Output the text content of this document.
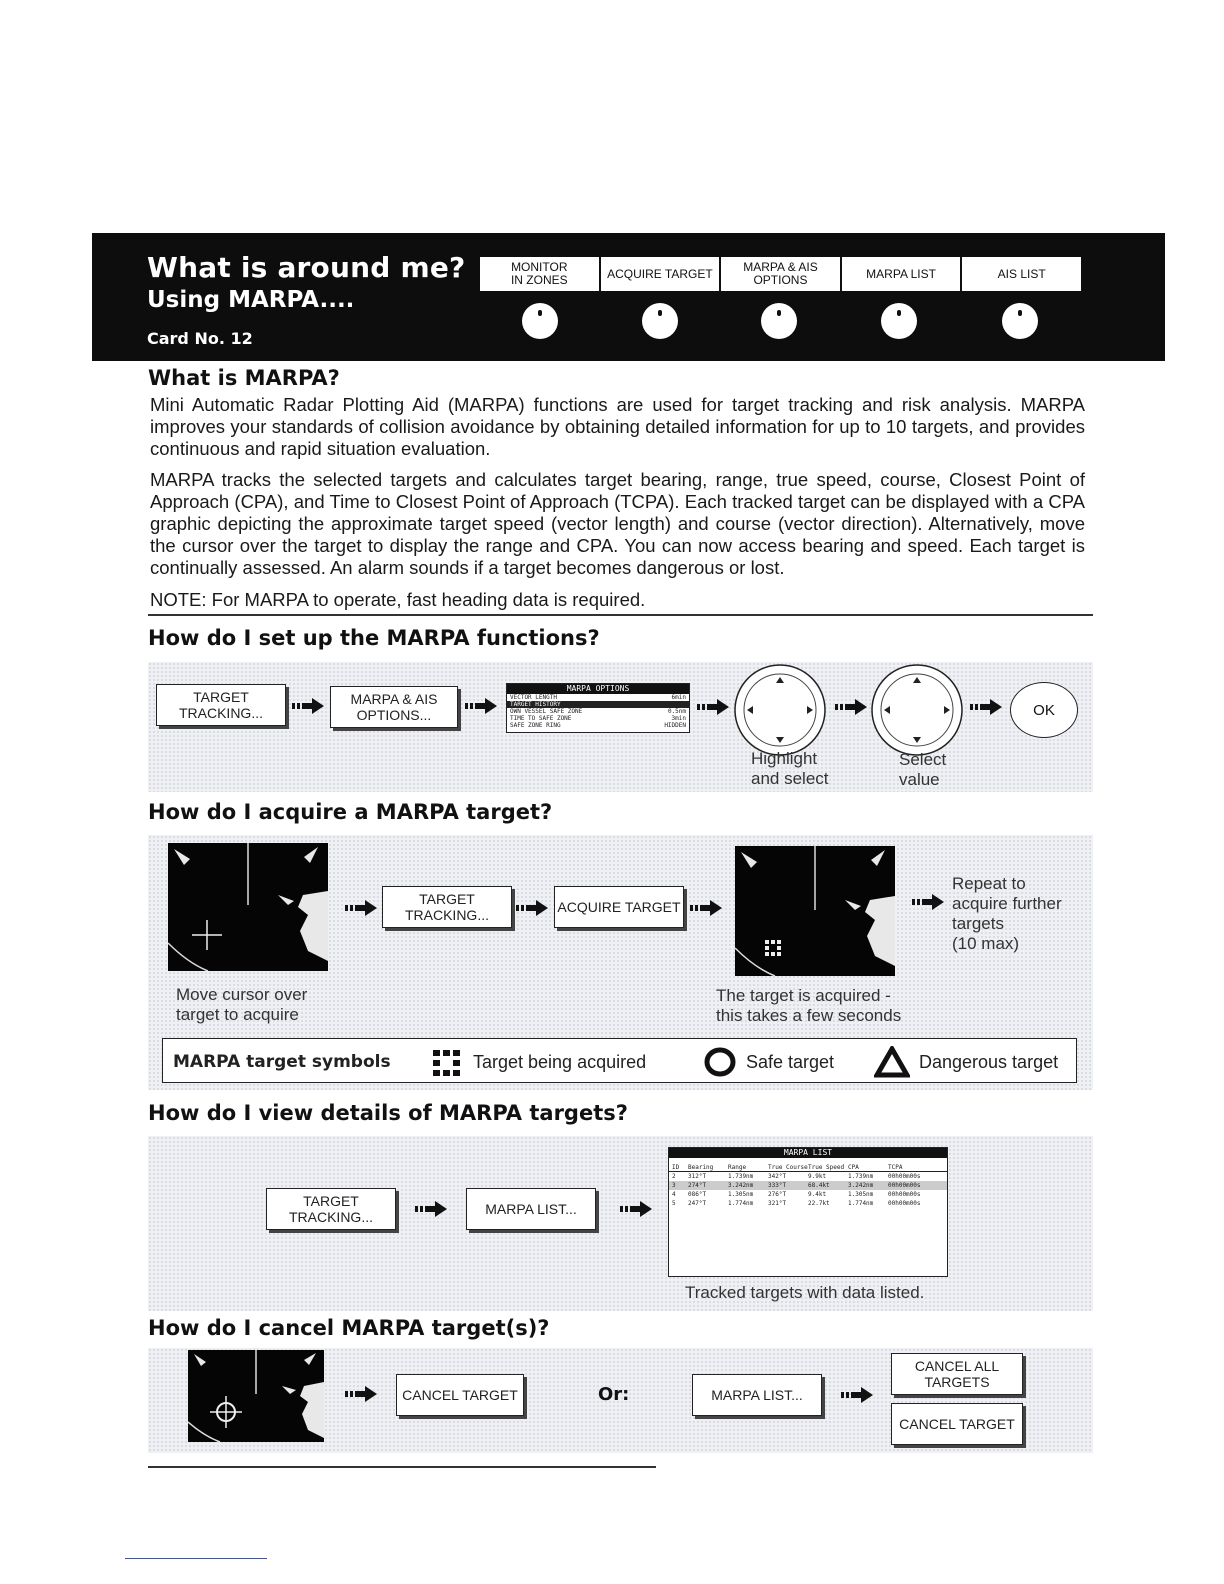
What is around me?
Using MARPA....
Card No. 12
MONITOR
IN ZONES	ACQUIRE TARGET	MARPA & AIS
OPTIONS	MARPA LIST	AIS LIST
What is MARPA?
Mini Automatic Radar Plotting Aid (MARPA) functions are used for target tracking and risk analysis. MARPA improves your standards of collision avoidance by obtaining detailed information for up to 10 targets, and provides continuous and rapid situation evaluation.
MARPA tracks the selected targets and calculates target bearing, range, true speed, course, Closest Point of Approach (CPA), and Time to Closest Point of Approach (TCPA). Each tracked target can be displayed with a CPA graphic depicting the approximate target speed (vector length) and course (vector direction). Alternatively, move the cursor over the target to display the range and CPA. You can now access bearing and speed. Each target is continually assessed. An alarm sounds if a target becomes dangerous or lost.
NOTE: For MARPA to operate, fast heading data is required.
How do I set up the MARPA functions?
TARGET
TRACKING...
MARPA & AIS
OPTIONS...
MARPA OPTIONS
VECTOR LENGTH	6min
TARGET HISTORY
OWN VESSEL SAFE ZONE	0.5nm
TIME TO SAFE ZONE	3min
SAFE ZONE RING	HIDDEN
OK
Highlight
and select
Select
value
How do I acquire a MARPA target?
TARGET
TRACKING...	ACQUIRE TARGET
Repeat to
acquire further
targets
(10 max)
Move cursor over
target to acquire
The target is acquired -
this takes a few seconds
MARPA target symbols	Target being acquired	Safe target	Dangerous target
How do I view details of MARPA targets?
TARGET
TRACKING...	MARPA LIST...
MARPA LIST
ID	Bearing	Range	True Course True Speed CPA	TCPA
2	312°T	1.739nm	342°T	9.9kt	1.739nm	00h00m00s
3	274°T	3.242nm	333°T	68.4kt	3.242nm	00h00m00s
4	086°T	1.305nm	276°T	9.4kt	1.305nm	00h00m00s
5	247°T	1.774nm	321°T	22.7kt	1.774nm	00h00m00s
Tracked targets with data listed.
How do I cancel MARPA target(s)?
CANCEL TARGET	Or:	MARPA LIST...
CANCEL ALL
TARGETS
CANCEL TARGET
